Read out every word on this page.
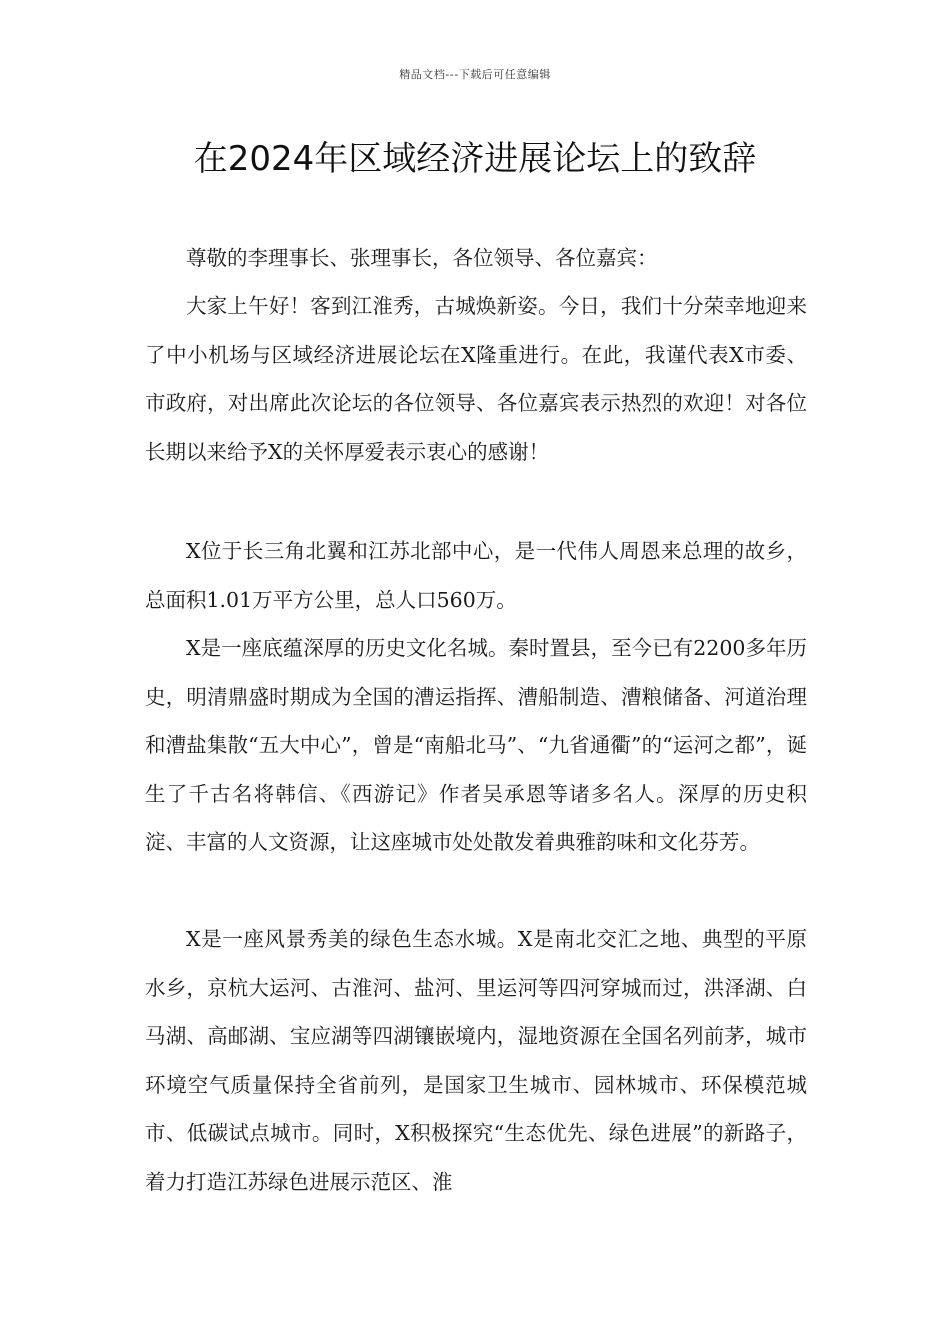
精品文档---下载后可任意编辑
在2024年区域经济进展论坛上的致辞

尊敬的李理事长、张理事长，各位领导、各位嘉宾：

大家上午好！客到江淮秀，古城焕新姿。今日，我们十分荣幸地迎来了中小机场与区域经济进展论坛在X隆重进行。在此，我谨代表X市委、市政府，对出席此次论坛的各位领导、各位嘉宾表示热烈的欢迎！对各位长期以来给予X的关怀厚爱表示衷心的感谢！

X位于长三角北翼和江苏北部中心，是一代伟人周恩来总理的故乡，总面积1.01万平方公里，总人口560万。

X是一座底蕴深厚的历史文化名城。秦时置县，至今已有2200多年历史，明清鼎盛时期成为全国的漕运指挥、漕船制造、漕粮储备、河道治理和漕盐集散“五大中心”，曾是“南船北马”、“九省通衢”的“运河之都”，诞生了千古名将韩信、《西游记》作者吴承恩等诸多名人。深厚的历史积淀、丰富的人文资源，让这座城市处处散发着典雅韵味和文化芬芳。

X是一座风景秀美的绿色生态水城。X是南北交汇之地、典型的平原水乡，京杭大运河、古淮河、盐河、里运河等四河穿城而过，洪泽湖、白马湖、高邮湖、宝应湖等四湖镶嵌境内，湿地资源在全国名列前茅，城市环境空气质量保持全省前列，是国家卫生城市、园林城市、环保模范城市、低碳试点城市。同时，X积极探究“生态优先、绿色进展”的新路子，着力打造江苏绿色进展示范区、淮
